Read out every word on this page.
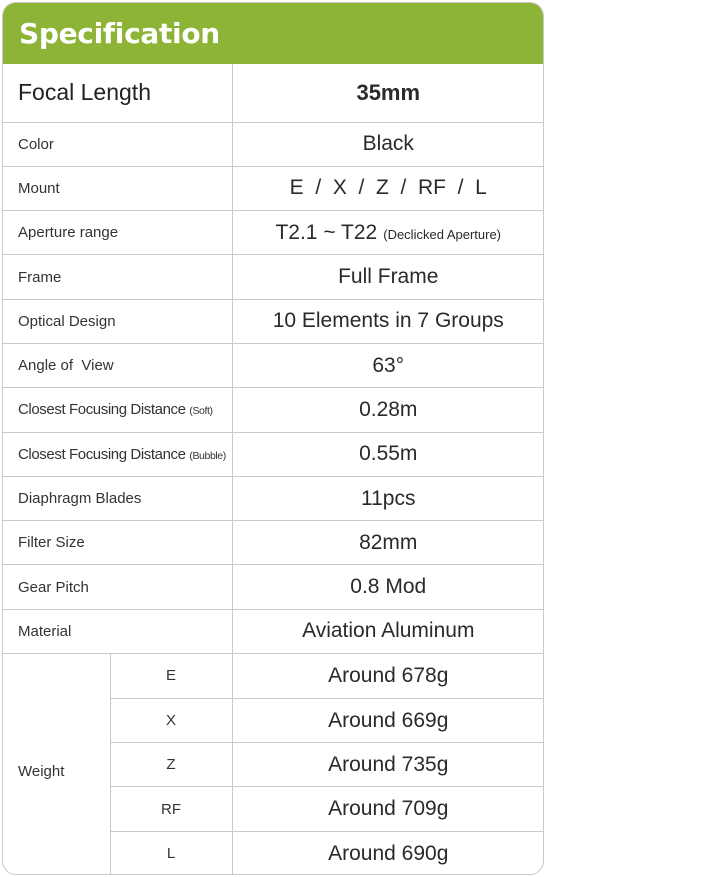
Specification
Focal Length	35mm
Color	Black
Mount	E  /  X  /  Z  /  RF  /  L
Aperture range	T2.1 ~ T22 (Declicked Aperture)
Frame	Full Frame
Optical Design	10 Elements in 7 Groups
Angle of  View	63°
Closest Focusing Distance (Soft)	0.28m
Closest Focusing Distance (Bubble)	0.55m
Diaphragm Blades	11pcs
Filter Size	82mm
Gear Pitch	0.8 Mod
Material	Aviation Aluminum

Weight	E	Around 678g
X	Around 669g
Z	Around 735g
RF	Around 709g
L	Around 690g
